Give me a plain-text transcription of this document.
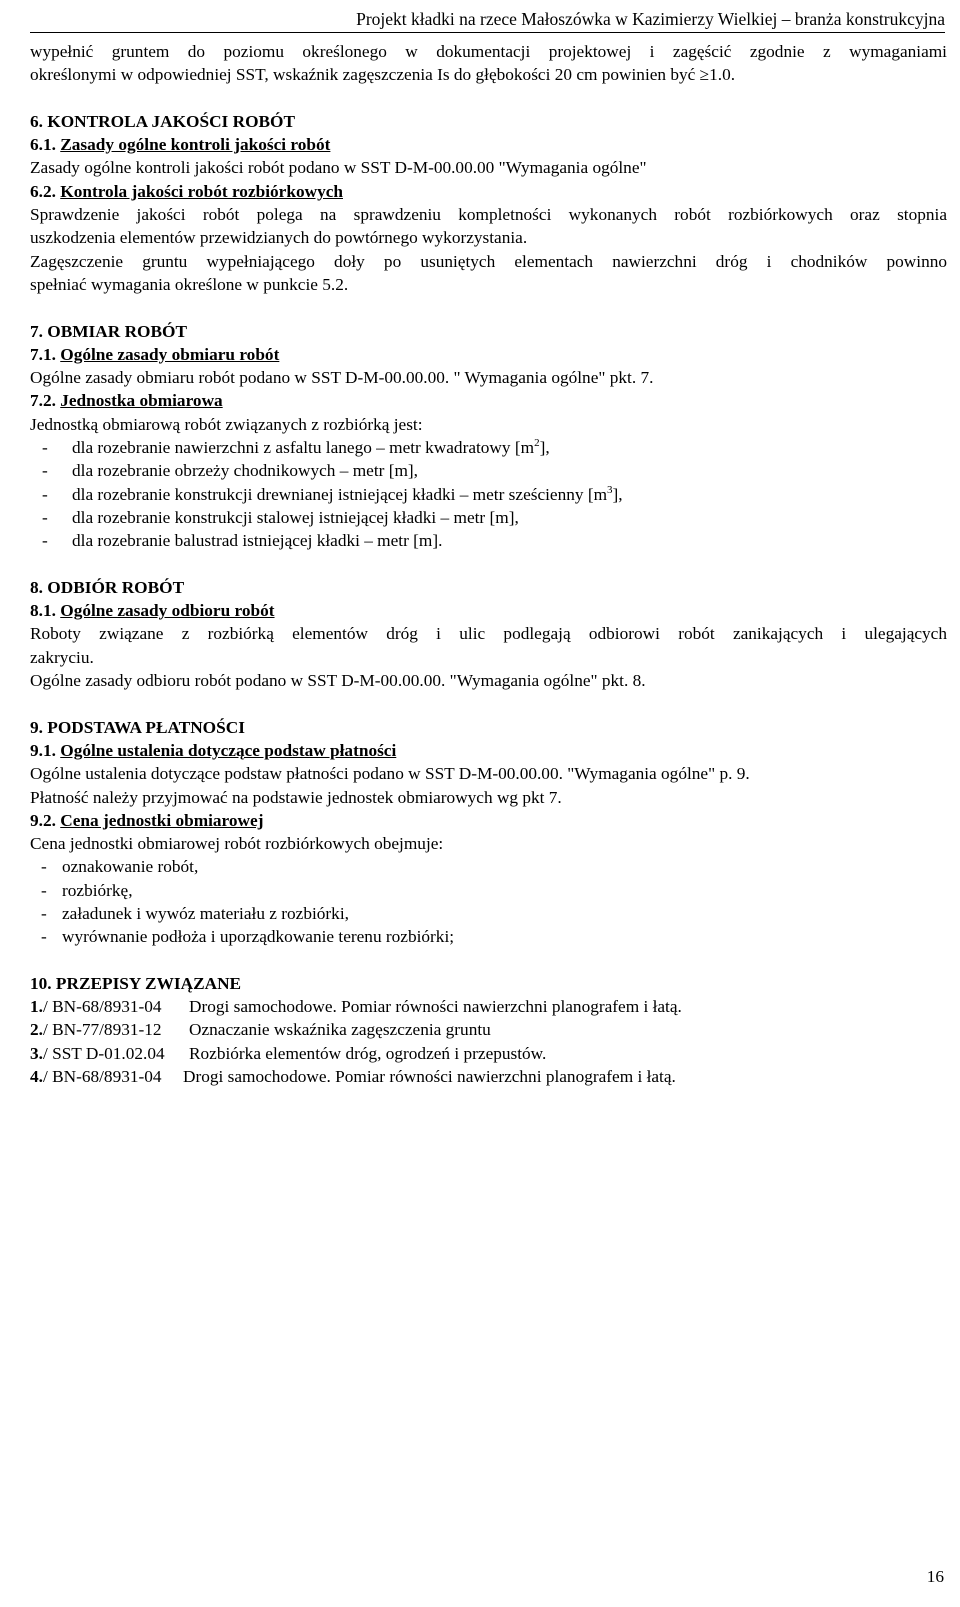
Projekt kładki na rzece Małoszówka w Kazimierzy Wielkiej – branża konstrukcyjna

wypełnić gruntem do poziomu określonego w dokumentacji projektowej i zagęścić zgodnie z wymaganiami

określonymi w odpowiedniej SST, wskaźnik zagęszczenia Is do głębokości 20 cm powinien być ≥1.0.

6. KONTROLA JAKOŚCI ROBÓT
6.1. Zasady ogólne kontroli jakości robót

Zasady ogólne kontroli jakości robót podano w SST D-M-00.00.00 "Wymagania ogólne"

6.2. Kontrola jakości robót rozbiórkowych

Sprawdzenie jakości robót polega na sprawdzeniu kompletności wykonanych robót rozbiórkowych oraz stopnia

uszkodzenia elementów przewidzianych do powtórnego wykorzystania.

Zagęszczenie gruntu wypełniającego doły po usuniętych elementach nawierzchni dróg i chodników powinno

spełniać wymagania określone w punkcie 5.2.

7. OBMIAR ROBÓT
7.1. Ogólne zasady obmiaru robót

Ogólne zasady obmiaru robót podano w SST D-M-00.00.00. " Wymagania ogólne" pkt. 7.

7.2. Jednostka obmiarowa

Jednostką obmiarową robót związanych z rozbiórką jest:

- dla rozebranie nawierzchni z asfaltu lanego – metr kwadratowy $[m^2]$,
- dla rozebranie obrzeży chodnikowych – metr [m],
- dla rozebranie konstrukcji drewnianej istniejącej kładki – metr sześcienny $[m^3]$,
- dla rozebranie konstrukcji stalowej istniejącej kładki – metr [m],
- dla rozebranie balustrad istniejącej kładki – metr [m].
8. ODBIÓR ROBÓT
8.1. Ogólne zasady odbioru robót

Roboty związane z rozbiórką elementów dróg i ulic podlegają odbiorowi robót zanikających i ulegających

zakryciu.

Ogólne zasady odbioru robót podano w SST D-M-00.00.00. "Wymagania ogólne" pkt. 8.

9. PODSTAWA PŁATNOŚCI
9.1. Ogólne ustalenia dotyczące podstaw płatności

Ogólne ustalenia dotyczące podstaw płatności podano w SST D-M-00.00.00. "Wymagania ogólne" p. 9.

Płatność należy przyjmować na podstawie jednostek obmiarowych wg pkt 7.

9.2. Cena jednostki obmiarowej

Cena jednostki obmiarowej robót rozbiórkowych obejmuje:

- oznakowanie robót,
- rozbiórkę,
- załadunek i wywóz materiału z rozbiórki,
- wyrównanie podłoża i uporządkowanie terenu rozbiórki;
10. PRZEPISY ZWIĄZANE
1./ BN-68/8931-04 Drogi samochodowe. Pomiar równości nawierzchni planografem i łatą.
2./ BN-77/8931-12 Oznaczanie wskaźnika zagęszczenia gruntu
3./ SST D-01.02.04 Rozbiórka elementów dróg, ogrodzeń i przepustów.
4./ BN-68/8931-04 Drogi samochodowe. Pomiar równości nawierzchni planografem i łatą.
16
